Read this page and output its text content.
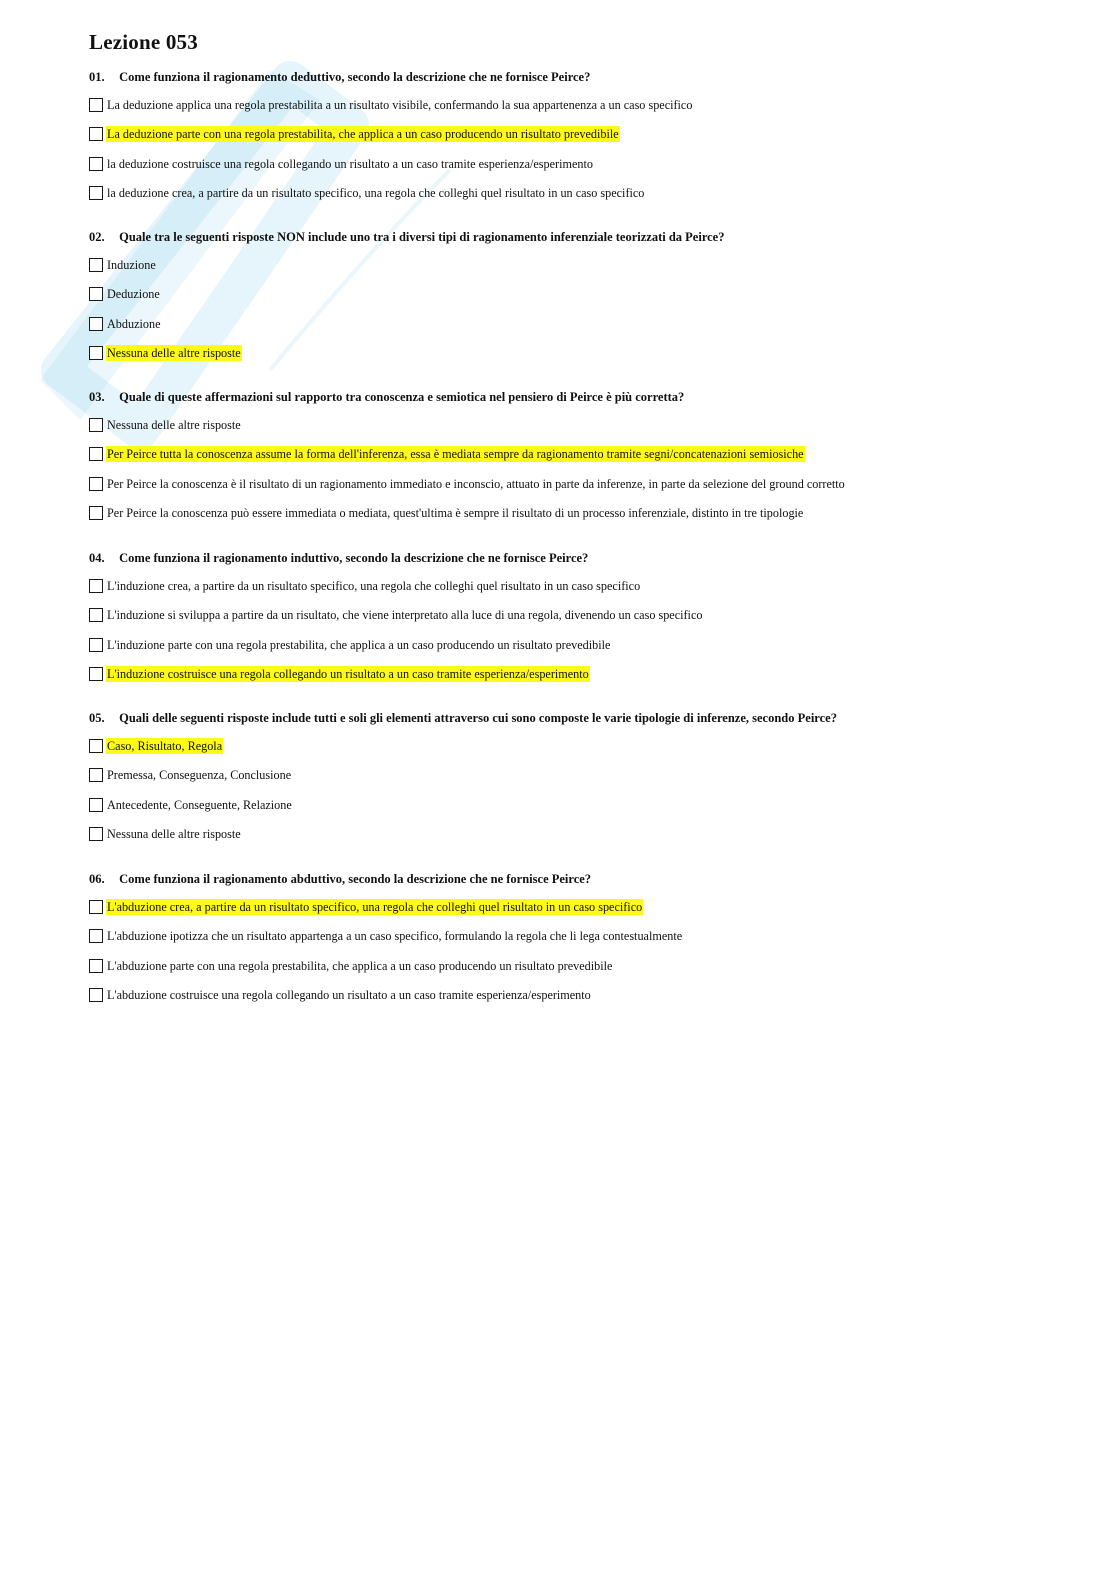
Lezione 053
01. Come funziona il ragionamento deduttivo, secondo la descrizione che ne fornisce Peirce?
La deduzione applica una regola prestabilita a un risultato visibile, confermando la sua appartenenza a un caso specifico
La deduzione parte con una regola prestabilita, che applica a un caso producendo un risultato prevedibile
la deduzione costruisce una regola collegando un risultato a un caso tramite esperienza/esperimento
la deduzione crea, a partire da un risultato specifico, una regola che colleghi quel risultato in un caso specifico
02. Quale tra le seguenti risposte NON include uno tra i diversi tipi di ragionamento inferenziale teorizzati da Peirce?
Induzione
Deduzione
Abduzione
Nessuna delle altre risposte
03. Quale di queste affermazioni sul rapporto tra conoscenza e semiotica nel pensiero di Peirce è più corretta?
Nessuna delle altre risposte
Per Peirce tutta la conoscenza assume la forma dell'inferenza, essa è mediata sempre da ragionamento tramite segni/concatenazioni semiosiche
Per Peirce la conoscenza è il risultato di un ragionamento immediato e inconscio, attuato in parte da inferenze, in parte da selezione del ground corretto
Per Peirce la conoscenza può essere immediata o mediata, quest'ultima è sempre il risultato di un processo inferenziale, distinto in tre tipologie
04. Come funziona il ragionamento induttivo, secondo la descrizione che ne fornisce Peirce?
L'induzione crea, a partire da un risultato specifico, una regola che colleghi quel risultato in un caso specifico
L'induzione si sviluppa a partire da un risultato, che viene interpretato alla luce di una regola, divenendo un caso specifico
L'induzione parte con una regola prestabilita, che applica a un caso producendo un risultato prevedibile
L'induzione costruisce una regola collegando un risultato a un caso tramite esperienza/esperimento
05. Quali delle seguenti risposte include tutti e soli gli elementi attraverso cui sono composte le varie tipologie di inferenze, secondo Peirce?
Caso, Risultato, Regola
Premessa, Conseguenza, Conclusione
Antecedente, Conseguente, Relazione
Nessuna delle altre risposte
06. Come funziona il ragionamento abduttivo, secondo la descrizione che ne fornisce Peirce?
L'abduzione crea, a partire da un risultato specifico, una regola che colleghi quel risultato in un caso specifico
L'abduzione ipotizza che un risultato appartenga a un caso specifico, formulando la regola che li lega contestualmente
L'abduzione parte con una regola prestabilita, che applica a un caso producendo un risultato prevedibile
L'abduzione costruisce una regola collegando un risultato a un caso tramite esperienza/esperimento
